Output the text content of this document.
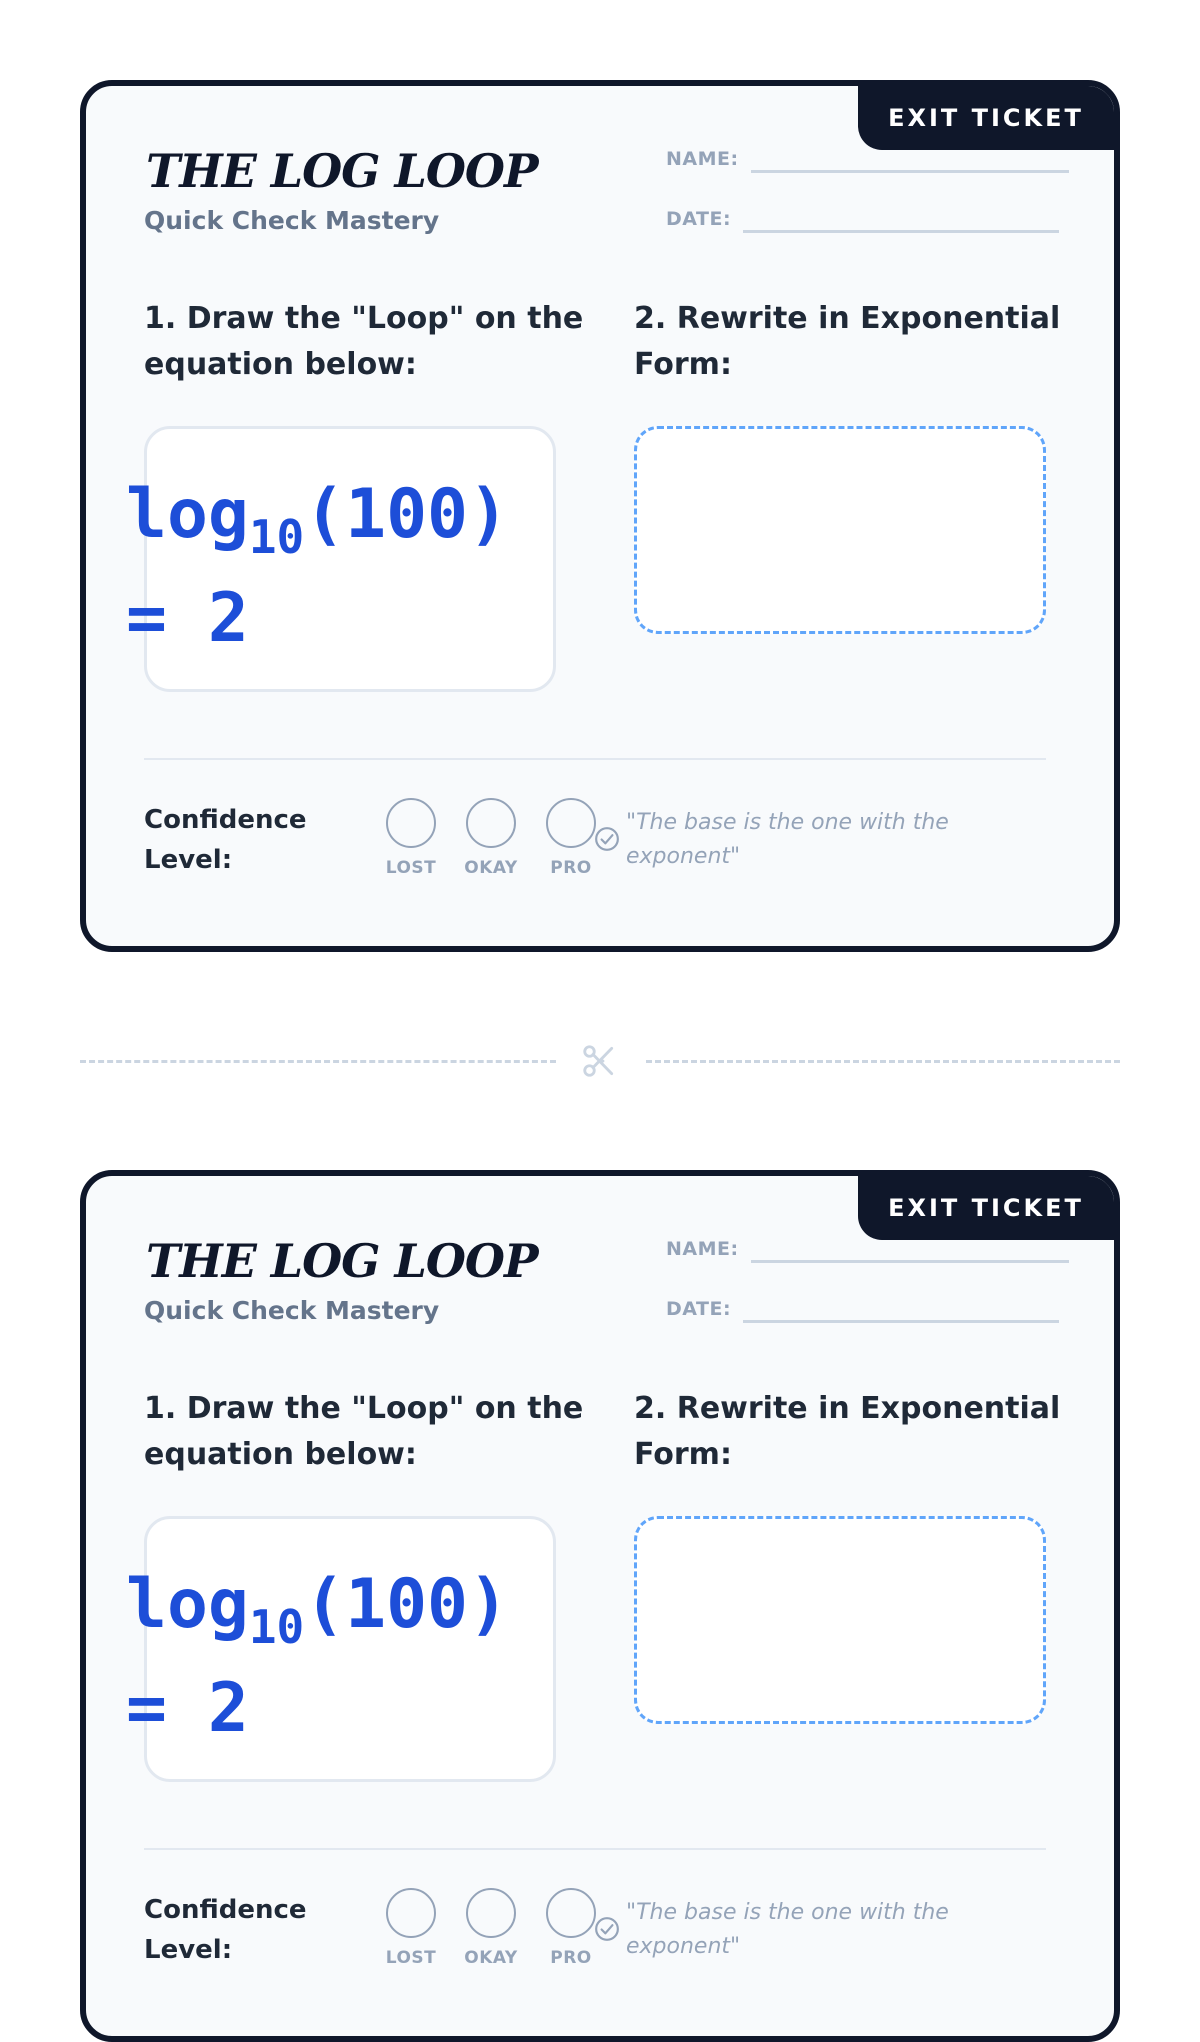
EXIT TICKET
THE LOG LOOP
Quick Check Mastery
NAME:
DATE:

1. Draw the "Loop" on the equation below:

2. Rewrite in Exponential Form:

$\log_{10}(100)$
= 2

Confidence Level:	LOST	OKAY	PRO

"The base is the one with the exponent"

EXIT TICKET
THE LOG LOOP
Quick Check Mastery
NAME:
DATE:

1. Draw the "Loop" on the equation below:

2. Rewrite in Exponential Form:

$\log_{10}(100)$
= 2

Confidence Level:	LOST	OKAY	PRO

"The base is the one with the exponent"
